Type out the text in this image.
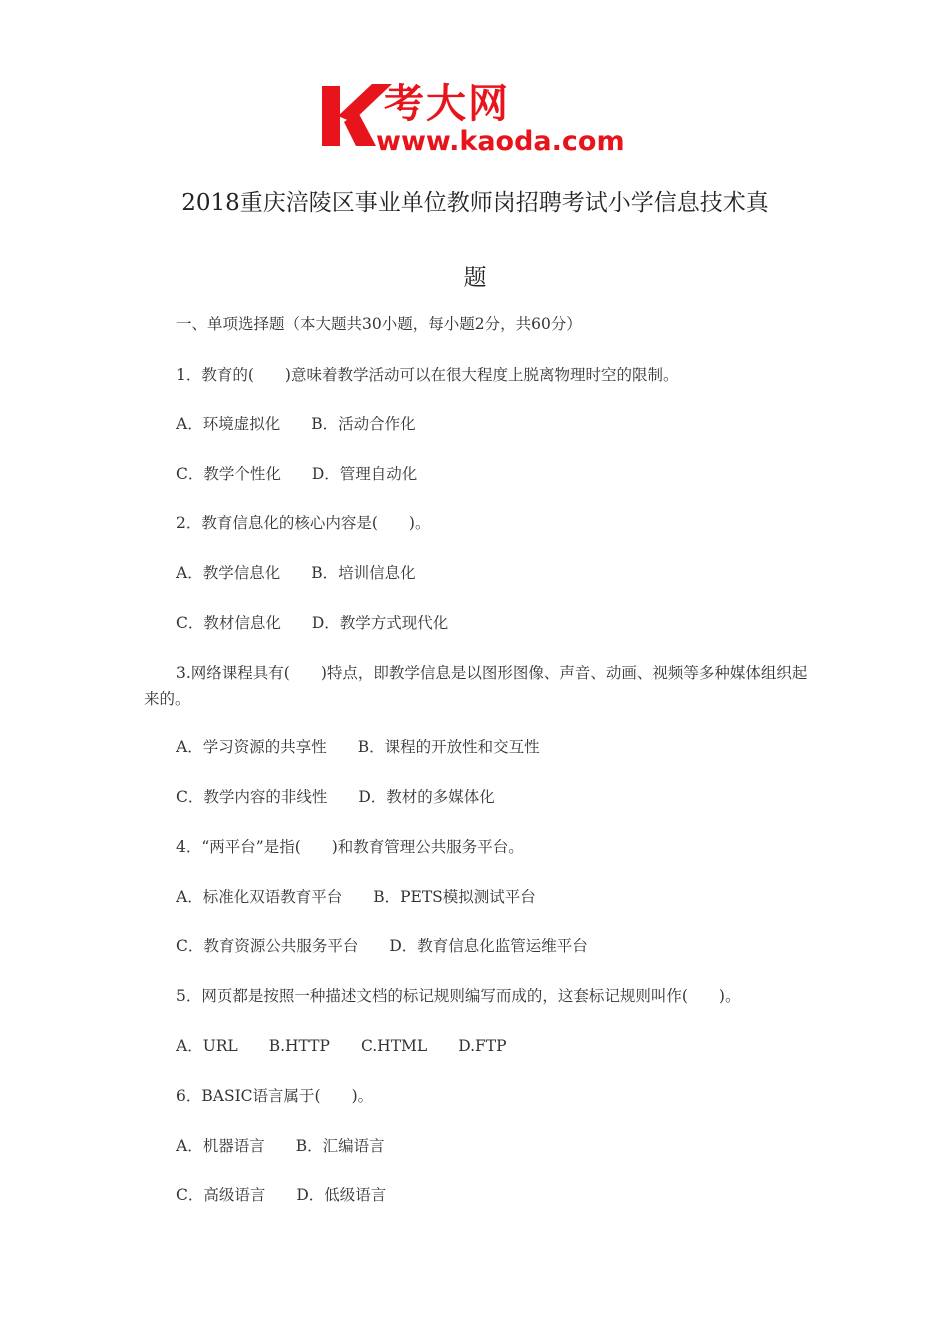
考大网
www.kaoda.com
2018重庆涪陵区事业单位教师岗招聘考试小学信息技术真
题
一、单项选择题（本大题共30小题，每小题2分，共60分）
1．教育的(　　)意味着教学活动可以在很大程度上脱离物理时空的限制。
A．环境虚拟化　　B．活动合作化
C．教学个性化　　D．管理自动化
2．教育信息化的核心内容是(　　)。
A．教学信息化　　B．培训信息化
C．教材信息化　　D．教学方式现代化
3.网络课程具有(　　)特点，即教学信息是以图形图像、声音、动画、视频等多种媒体组织起来的。
A．学习资源的共享性　　B．课程的开放性和交互性
C．教学内容的非线性　　D．教材的多媒体化
4．“两平台”是指(　　)和教育管理公共服务平台。
A．标准化双语教育平台　　B．PETS模拟测试平台
C．教育资源公共服务平台　　D．教育信息化监管运维平台
5．网页都是按照一种描述文档的标记规则编写而成的，这套标记规则叫作(　　)。
A．URL　　B.HTTP　　C.HTML　　D.FTP
6．BASIC语言属于(　　)。
A．机器语言　　B．汇编语言
C．高级语言　　D．低级语言
